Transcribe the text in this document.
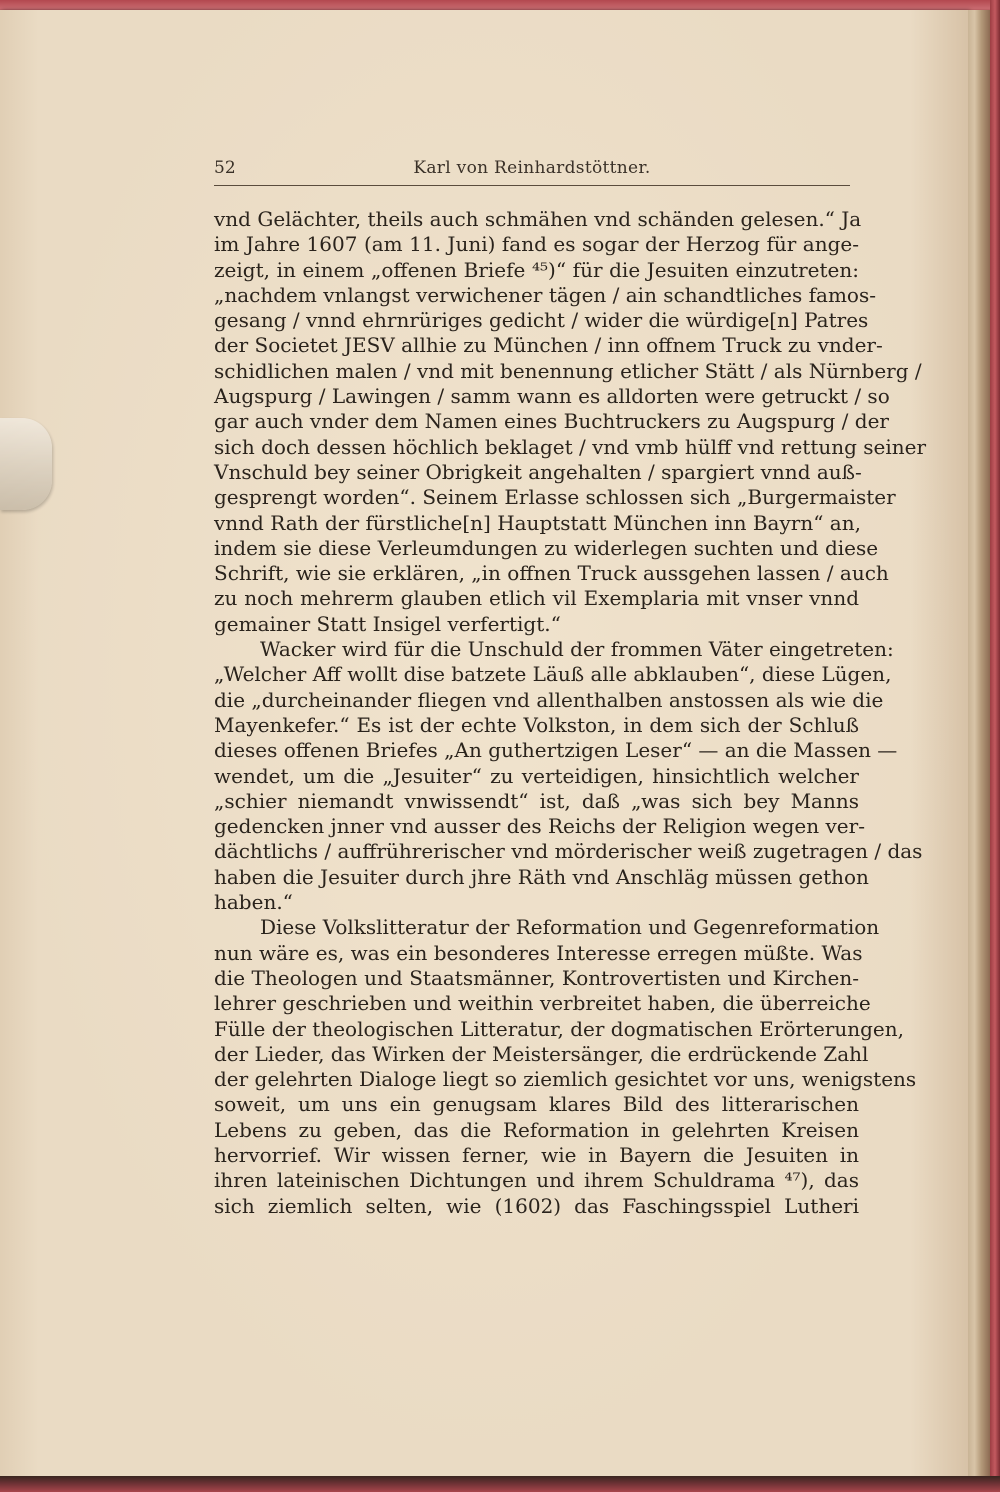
52	Karl von Reinhardstöttner.
vnd Gelächter, theils auch schmähen vnd schänden gelesen.“ Ja
im Jahre 1607 (am 11. Juni) fand es sogar der Herzog für ange-
zeigt, in einem „offenen Briefe ⁴⁵)“ für die Jesuiten einzutreten:
„nachdem vnlangst verwichener tägen / ain schandtliches famos-
gesang / vnnd ehrnrüriges gedicht / wider die würdige[n] Patres
der Societet JESV allhie zu München / inn offnem Truck zu vnder-
schidlichen malen / vnd mit benennung etlicher Stätt / als Nürnberg /
Augspurg / Lawingen / samm wann es alldorten were getruckt / so
gar auch vnder dem Namen eines Buchtruckers zu Augspurg / der
sich doch dessen höchlich beklaget / vnd vmb hülff vnd rettung seiner
Vnschuld bey seiner Obrigkeit angehalten / spargiert vnnd auß-
gesprengt worden“. Seinem Erlasse schlossen sich „Burgermaister
vnnd Rath der fürstliche[n] Hauptstatt München inn Bayrn“ an,
indem sie diese Verleumdungen zu widerlegen suchten und diese
Schrift, wie sie erklären, „in offnen Truck aussgehen lassen / auch
zu noch mehrerm glauben etlich vil Exemplaria mit vnser vnnd
gemainer Statt Insigel verfertigt.“
Wacker wird für die Unschuld der frommen Väter eingetreten:
„Welcher Aff wollt dise batzete Läuß alle abklauben“, diese Lügen,
die „durcheinander fliegen vnd allenthalben anstossen als wie die
Mayenkefer.“ Es ist der echte Volkston, in dem sich der Schluß
dieses offenen Briefes „An guthertzigen Leser“ — an die Massen —
wendet, um die „Jesuiter“ zu verteidigen, hinsichtlich welcher
„schier niemandt vnwissendt“ ist, daß „was sich bey Manns
gedencken jnner vnd ausser des Reichs der Religion wegen ver-
dächtlichs / auffrührerischer vnd mörderischer weiß zugetragen / das
haben die Jesuiter durch jhre Räth vnd Anschläg müssen gethon
haben.“
Diese Volkslitteratur der Reformation und Gegenreformation
nun wäre es, was ein besonderes Interesse erregen müßte. Was
die Theologen und Staatsmänner, Kontrovertisten und Kirchen-
lehrer geschrieben und weithin verbreitet haben, die überreiche
Fülle der theologischen Litteratur, der dogmatischen Erörterungen,
der Lieder, das Wirken der Meistersänger, die erdrückende Zahl
der gelehrten Dialoge liegt so ziemlich gesichtet vor uns, wenigstens
soweit, um uns ein genugsam klares Bild des litterarischen
Lebens zu geben, das die Reformation in gelehrten Kreisen
hervorrief. Wir wissen ferner, wie in Bayern die Jesuiten in
ihren lateinischen Dichtungen und ihrem Schuldrama ⁴⁷), das
sich ziemlich selten, wie (1602) das Faschingsspiel Lutheri
